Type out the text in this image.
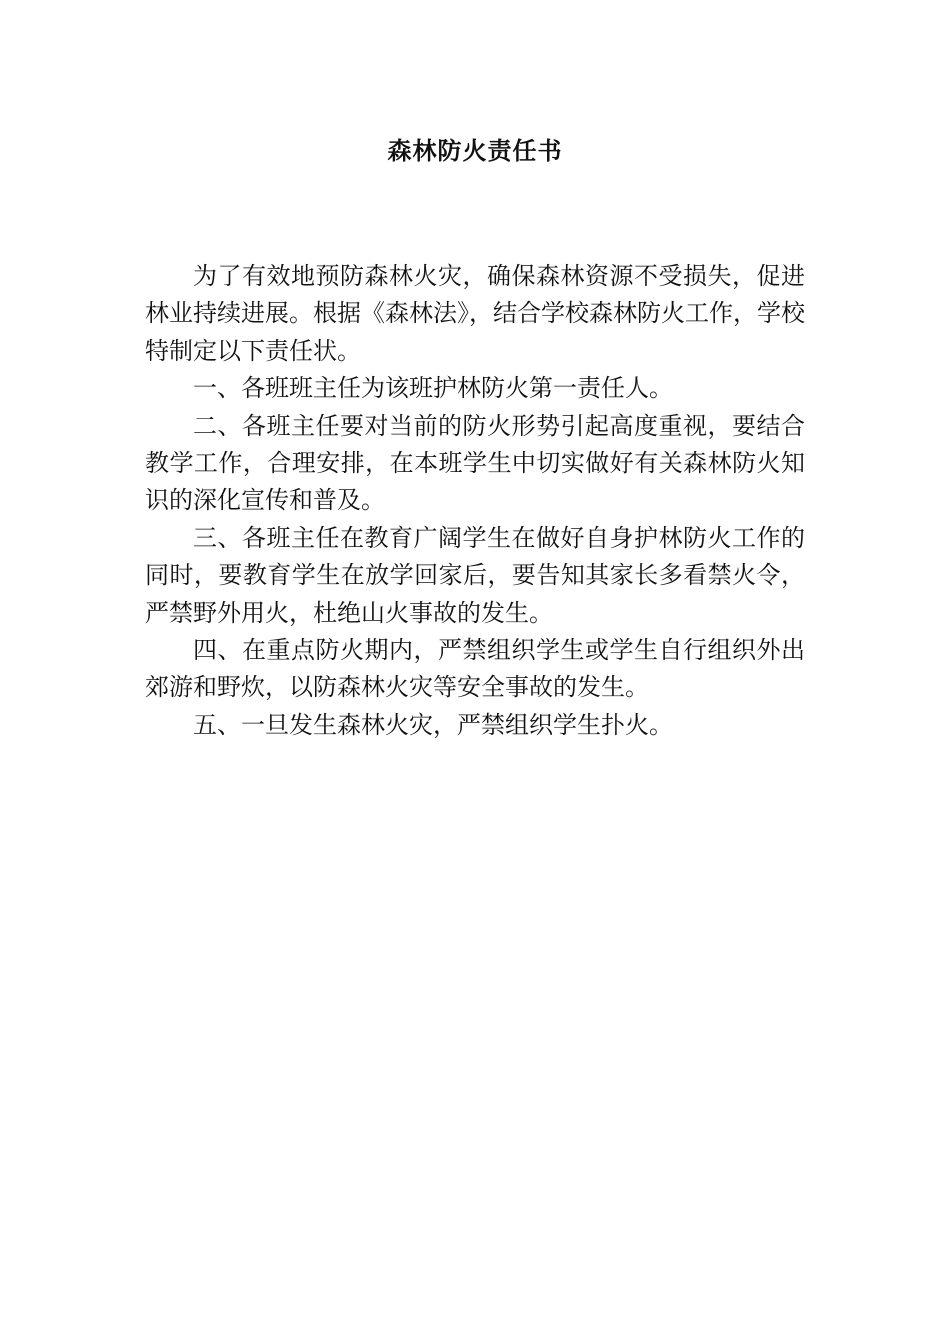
森林防火责任书

为了有效地预防森林火灾，确保森林资源不受损失，促进林业持续进展。根据《森林法》，结合学校森林防火工作，学校特制定以下责任状。

一、各班班主任为该班护林防火第一责任人。

二、各班主任要对当前的防火形势引起高度重视，要结合教学工作，合理安排，在本班学生中切实做好有关森林防火知识的深化宣传和普及。

三、各班主任在教育广阔学生在做好自身护林防火工作的同时，要教育学生在放学回家后，要告知其家长多看禁火令，严禁野外用火，杜绝山火事故的发生。

四、在重点防火期内，严禁组织学生或学生自行组织外出郊游和野炊，以防森林火灾等安全事故的发生。

五、一旦发生森林火灾，严禁组织学生扑火。
